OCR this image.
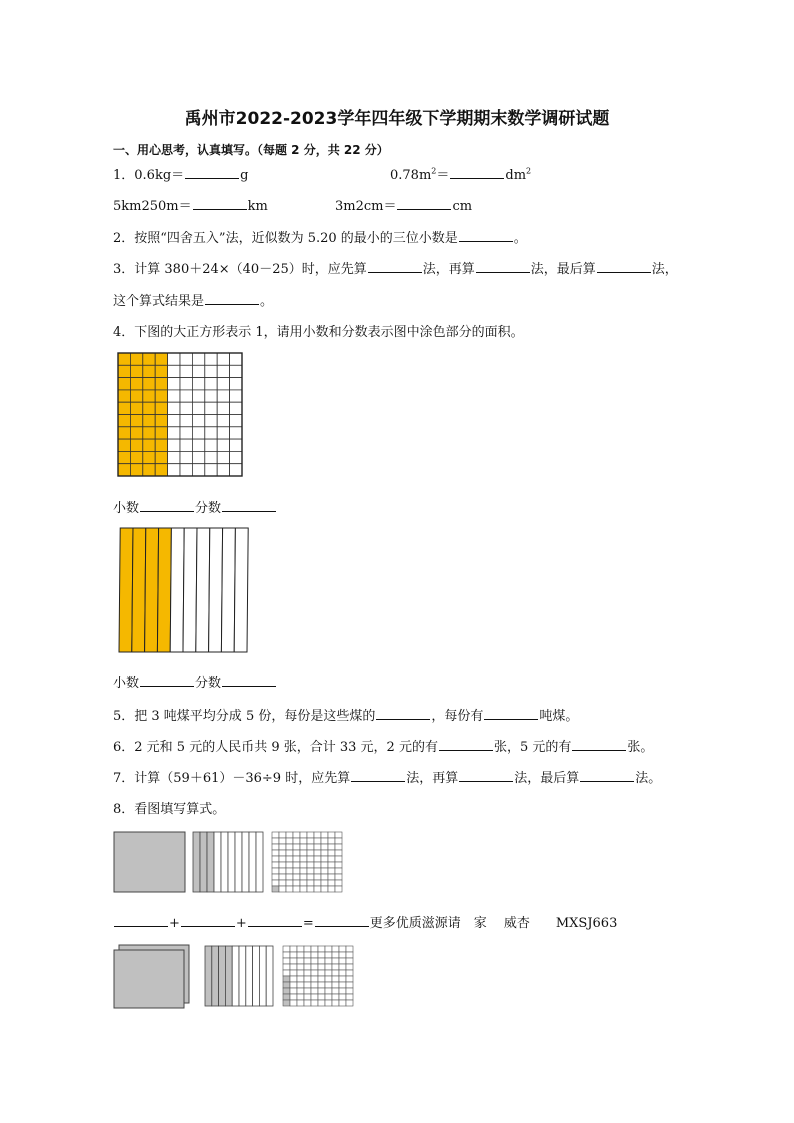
禹州市2022-2023学年四年级下学期期末数学调研试题
一、用心思考，认真填写。（每题 2 分，共 22 分）
1．0.6kg＝	g	$0.78m^2=$	$dm^2$
5km250m＝	km	3m2cm＝	cm
2．按照“四舍五入”法，近似数为 5.20 的最小的三位小数是	。
3．计算 380＋24×（40－25）时，应先算	法，再算	法，最后算	法，
这个算式结果是	。
4．下图的大正方形表示 1，请用小数和分数表示图中涂色部分的面积。
小数	分数
小数	分数
5．把 3 吨煤平均分成 5 份，每份是这些煤的	，每份有	吨煤。
6．2 元和 5 元的人民币共 9 张，合计 33 元，2 元的有	张，5 元的有	张。
7．计算（59＋61）－36÷9 时，应先算	法，再算	法，最后算	法。
8．看图填写算式。
+	+	=	更多优质滋源请　家　 威杏　　MXSJ663
